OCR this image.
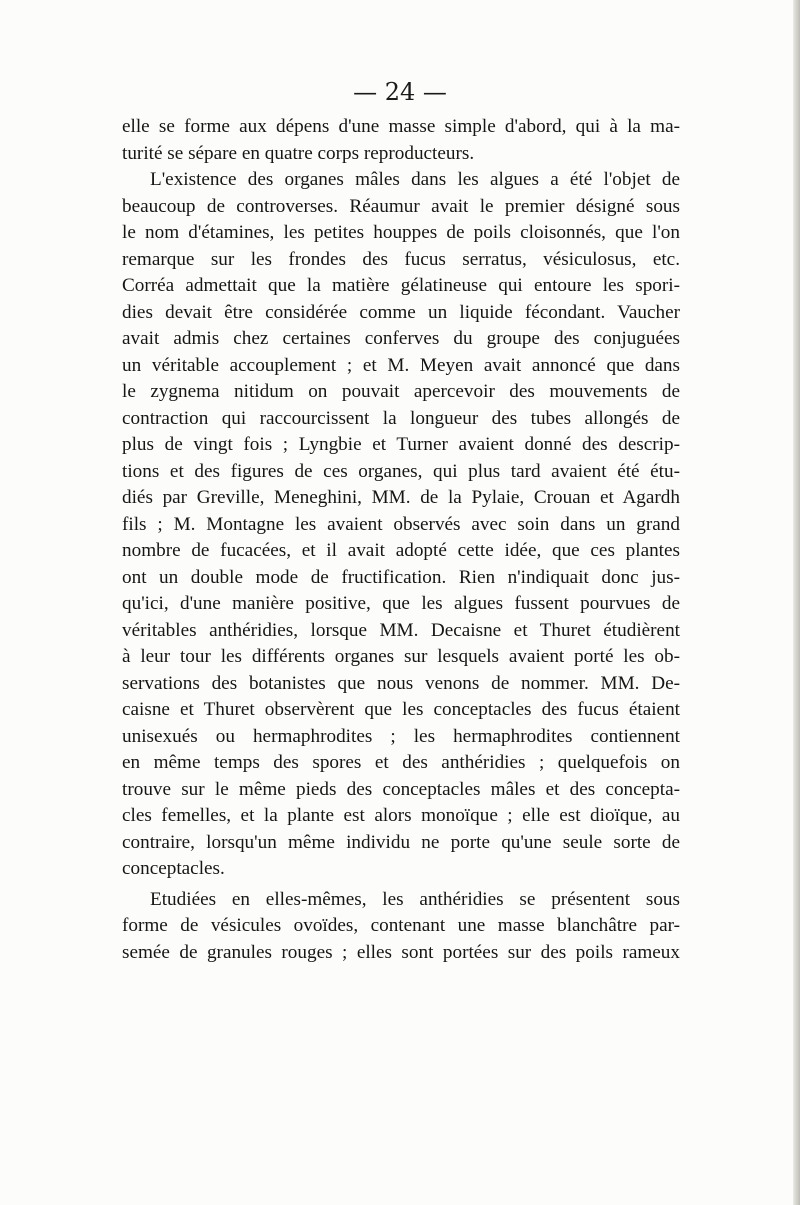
— 24 —
elle se forme aux dépens d'une masse simple d'abord, qui à la ma-
turité se sépare en quatre corps reproducteurs.
L'existence des organes mâles dans les algues a été l'objet de
beaucoup de controverses. Réaumur avait le premier désigné sous
le nom d'étamines, les petites houppes de poils cloisonnés, que l'on
remarque sur les frondes des fucus serratus, vésiculosus, etc.
Corréa admettait que la matière gélatineuse qui entoure les spori-
dies devait être considérée comme un liquide fécondant. Vaucher
avait admis chez certaines conferves du groupe des conjuguées
un véritable accouplement ; et M. Meyen avait annoncé que dans
le zygnema nitidum on pouvait apercevoir des mouvements de
contraction qui raccourcissent la longueur des tubes allongés de
plus de vingt fois ; Lyngbie et Turner avaient donné des descrip-
tions et des figures de ces organes, qui plus tard avaient été étu-
diés par Greville, Meneghini, MM. de la Pylaie, Crouan et Agardh
fils ; M. Montagne les avaient observés avec soin dans un grand
nombre de fucacées, et il avait adopté cette idée, que ces plantes
ont un double mode de fructification. Rien n'indiquait donc jus-
qu'ici, d'une manière positive, que les algues fussent pourvues de
véritables anthéridies, lorsque MM. Decaisne et Thuret étudièrent
à leur tour les différents organes sur lesquels avaient porté les ob-
servations des botanistes que nous venons de nommer. MM. De-
caisne et Thuret observèrent que les conceptacles des fucus étaient
unisexués ou hermaphrodites ; les hermaphrodites contiennent
en même temps des spores et des anthéridies ; quelquefois on
trouve sur le même pieds des conceptacles mâles et des concepta-
cles femelles, et la plante est alors monoïque ; elle est dioïque, au
contraire, lorsqu'un même individu ne porte qu'une seule sorte de
conceptacles.
Etudiées en elles-mêmes, les anthéridies se présentent sous
forme de vésicules ovoïdes, contenant une masse blanchâtre par-
semée de granules rouges ; elles sont portées sur des poils rameux
